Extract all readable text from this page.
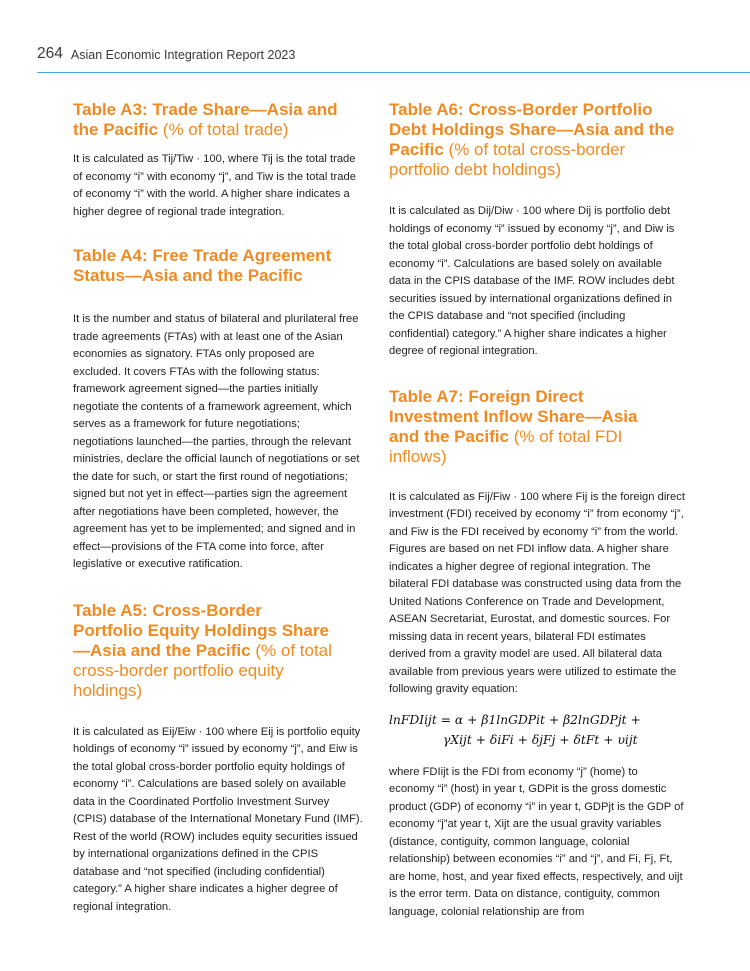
264 Asian Economic Integration Report 2023
Table A3: Trade Share—Asia and the Pacific (% of total trade)

It is calculated as Tij/Tiw · 100, where Tij is the total trade of economy “i” with economy “j”, and Tiw is the total trade of economy “i” with the world. A higher share indicates a higher degree of regional trade integration.

Table A4: Free Trade Agreement Status—Asia and the Pacific

It is the number and status of bilateral and plurilateral free trade agreements (FTAs) with at least one of the Asian economies as signatory. FTAs only proposed are excluded. It covers FTAs with the following status: framework agreement signed—the parties initially negotiate the contents of a framework agreement, which serves as a framework for future negotiations; negotiations launched—the parties, through the relevant ministries, declare the official launch of negotiations or set the date for such, or start the first round of negotiations; signed but not yet in effect—parties sign the agreement after negotiations have been completed, however, the agreement has yet to be implemented; and signed and in effect—provisions of the FTA come into force, after legislative or executive ratification.

Table A5: Cross-Border Portfolio Equity Holdings Share—Asia and the Pacific (% of total cross-border portfolio equity holdings)

It is calculated as Eij/Eiw · 100 where Eij is portfolio equity holdings of economy “i” issued by economy “j”, and Eiw is the total global cross-border portfolio equity holdings of economy “i”. Calculations are based solely on available data in the Coordinated Portfolio Investment Survey (CPIS) database of the International Monetary Fund (IMF). Rest of the world (ROW) includes equity securities issued by international organizations defined in the CPIS database and “not specified (including confidential) category.” A higher share indicates a higher degree of regional integration.

Table A6: Cross-Border Portfolio Debt Holdings Share—Asia and the Pacific (% of total cross-border portfolio debt holdings)

It is calculated as Dij/Diw · 100 where Dij is portfolio debt holdings of economy “i” issued by economy “j”, and Diw is the total global cross-border portfolio debt holdings of economy “i”. Calculations are based solely on available data in the CPIS database of the IMF. ROW includes debt securities issued by international organizations defined in the CPIS database and “not specified (including confidential) category.” A higher share indicates a higher degree of regional integration.

Table A7: Foreign Direct Investment Inflow Share—Asia and the Pacific (% of total FDI inflows)

It is calculated as Fij/Fiw · 100 where Fij is the foreign direct investment (FDI) received by economy “i” from economy “j”, and Fiw is the FDI received by economy “i” from the world. Figures are based on net FDI inflow data. A higher share indicates a higher degree of regional integration. The bilateral FDI database was constructed using data from the United Nations Conference on Trade and Development, ASEAN Secretariat, Eurostat, and domestic sources. For missing data in recent years, bilateral FDI estimates derived from a gravity model are used. All bilateral data available from previous years were utilized to estimate the following gravity equation:

lnFDIijt = α + β1lnGDPit + β2lnGDPjt +
γXijt + δiFi + δjFj + δtFt + υijt

where FDIijt is the FDI from economy “j” (home) to economy “i” (host) in year t, GDPit is the gross domestic product (GDP) of economy “i” in year t, GDPjt is the GDP of economy “j”at year t, Xijt are the usual gravity variables (distance, contiguity, common language, colonial relationship) between economies “i” and “j”, and Fi, Fj, Ft, are home, host, and year fixed effects, respectively, and υijt is the error term. Data on distance, contiguity, common language, colonial relationship are from
